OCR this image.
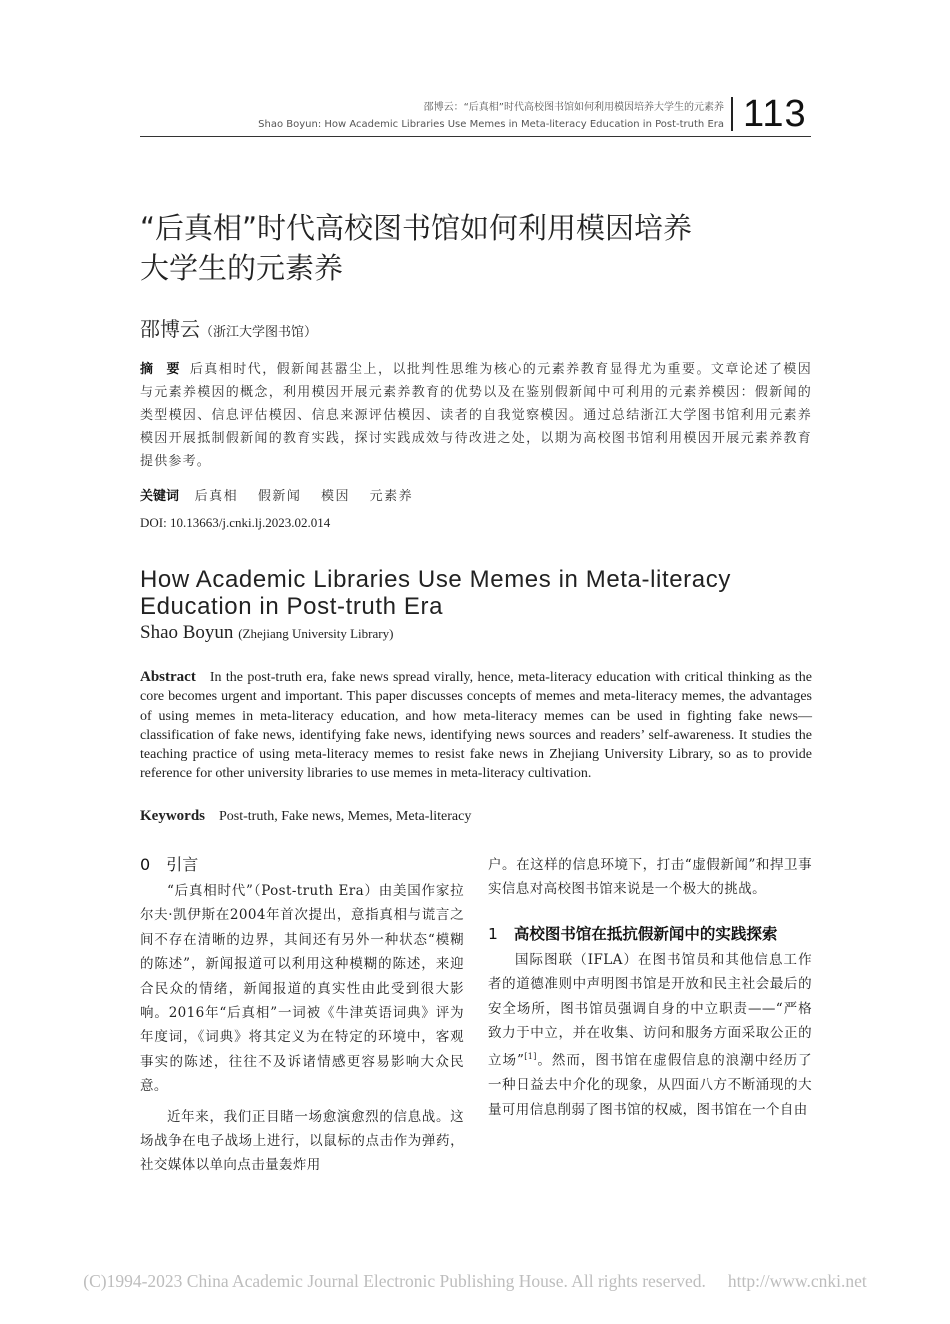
邵博云：“后真相”时代高校图书馆如何利用模因培养大学生的元素养
Shao Boyun: How Academic Libraries Use Memes in Meta-literacy Education in Post-truth Era 113
“后真相”时代高校图书馆如何利用模因培养
大学生的元素养
邵博云（浙江大学图书馆）
摘　要 后真相时代，假新闻甚嚣尘上，以批判性思维为核心的元素养教育显得尤为重要。文章论述了模因与元素养模因的概念，利用模因开展元素养教育的优势以及在鉴别假新闻中可利用的元素养模因：假新闻的类型模因、信息评估模因、信息来源评估模因、读者的自我觉察模因。通过总结浙江大学图书馆利用元素养模因开展抵制假新闻的教育实践，探讨实践成效与待改进之处，以期为高校图书馆利用模因开展元素养教育提供参考。
关键词 后真相 假新闻 模因 元素养
DOI: 10.13663/j.cnki.lj.2023.02.014
How Academic Libraries Use Memes in Meta-literacy
Education in Post-truth Era
Shao Boyun (Zhejiang University Library)
Abstract In the post-truth era, fake news spread virally, hence, meta-literacy education with critical thinking as the core becomes urgent and important. This paper discusses concepts of memes and meta-literacy memes, the advantages of using memes in meta-literacy education, and how meta-literacy memes can be used in fighting fake news—classification of fake news, identifying fake news, identifying news sources and readers’ self-awareness. It studies the teaching practice of using meta-literacy memes to resist fake news in Zhejiang University Library, so as to provide reference for other university libraries to use memes in meta-literacy cultivation.
Keywords Post-truth, Fake news, Memes, Meta-literacy
0 引言

“后真相时代”（Post-truth Era）由美国作家拉尔夫·凯伊斯在2004年首次提出，意指真相与谎言之间不存在清晰的边界，其间还有另外一种状态“模糊的陈述”，新闻报道可以利用这种模糊的陈述，来迎合民众的情绪，新闻报道的真实性由此受到很大影响。2016年“后真相”一词被《牛津英语词典》评为年度词，《词典》将其定义为在特定的环境中，客观事实的陈述，往往不及诉诸情感更容易影响大众民意。

近年来，我们正目睹一场愈演愈烈的信息战。这场战争在电子战场上进行，以鼠标的点击作为弹药，社交媒体以单向点击量轰炸用

户。在这样的信息环境下，打击“虚假新闻”和捍卫事实信息对高校图书馆来说是一个极大的挑战。

1 高校图书馆在抵抗假新闻中的实践探索

国际图联（IFLA）在图书馆员和其他信息工作者的道德准则中声明图书馆是开放和民主社会最后的安全场所，图书馆员强调自身的中立职责——“严格致力于中立，并在收集、访问和服务方面采取公正的立场”[1]。然而，图书馆在虚假信息的浪潮中经历了一种日益去中介化的现象，从四面八方不断涌现的大量可用信息削弱了图书馆的权威，图书馆在一个自由

(C)1994-2023 China Academic Journal Electronic Publishing House. All rights reserved. http://www.cnki.net
